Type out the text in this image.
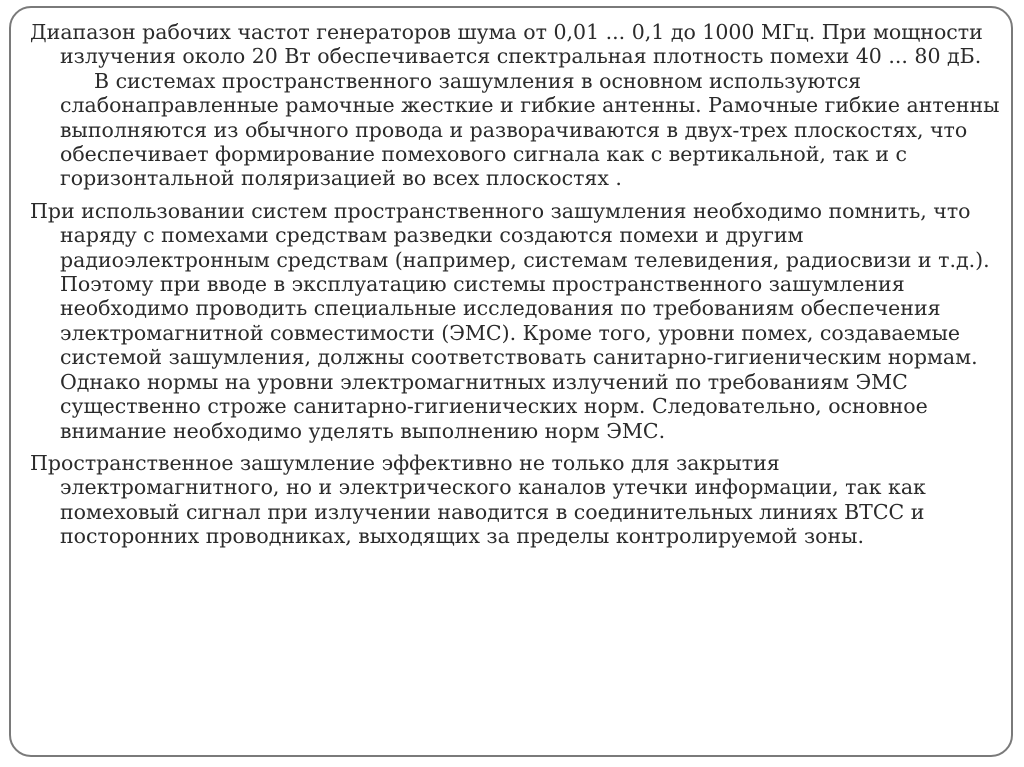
Диапазон рабочих частот генераторов шума от 0,01 ... 0,1 до 1000 МГц. При мощности излучения около 20 Вт обеспечивается спектральная плотность помехи 40 ... 80 дБ.В системах пространственного зашумления в основном используются слабонаправленные рамочные жесткие и гибкие антенны. Рамочные гибкие антенны выполняются из обычного провода и разворачиваются в двух-трех плоскостях, что обеспечивает формирование помехового сигнала как с вертикальной, так и с горизонтальной поляризацией во всех плоскостях .

При использовании систем пространственного зашумления необходимо помнить, что наряду с помехами средствам разведки создаются помехи и другим радиоэлектронным средствам (например, системам телевидения, радиосвизи и т.д.). Поэтому при вводе в эксплуатацию системы пространственного зашумления необходимо проводить специальные исследования по требованиям обеспечения электромагнитной совместимости (ЭМС). Кроме того, уровни помех, создаваемые системой зашумления, должны соответствовать санитарно-гигиеническим нормам. Однако нормы на уровни электромагнитных излучений по требованиям ЭМС существенно строже санитарно-гигиенических норм. Следовательно, основное внимание необходимо уделять выполнению норм ЭМС.

Пространственное зашумление эффективно не только для закрытия электромагнитного, но и электрического каналов утечки информации, так как помеховый сигнал при излучении наводится в соединительных линиях ВТСС и посторонних проводниках, выходящих за пределы контролируемой зоны.
